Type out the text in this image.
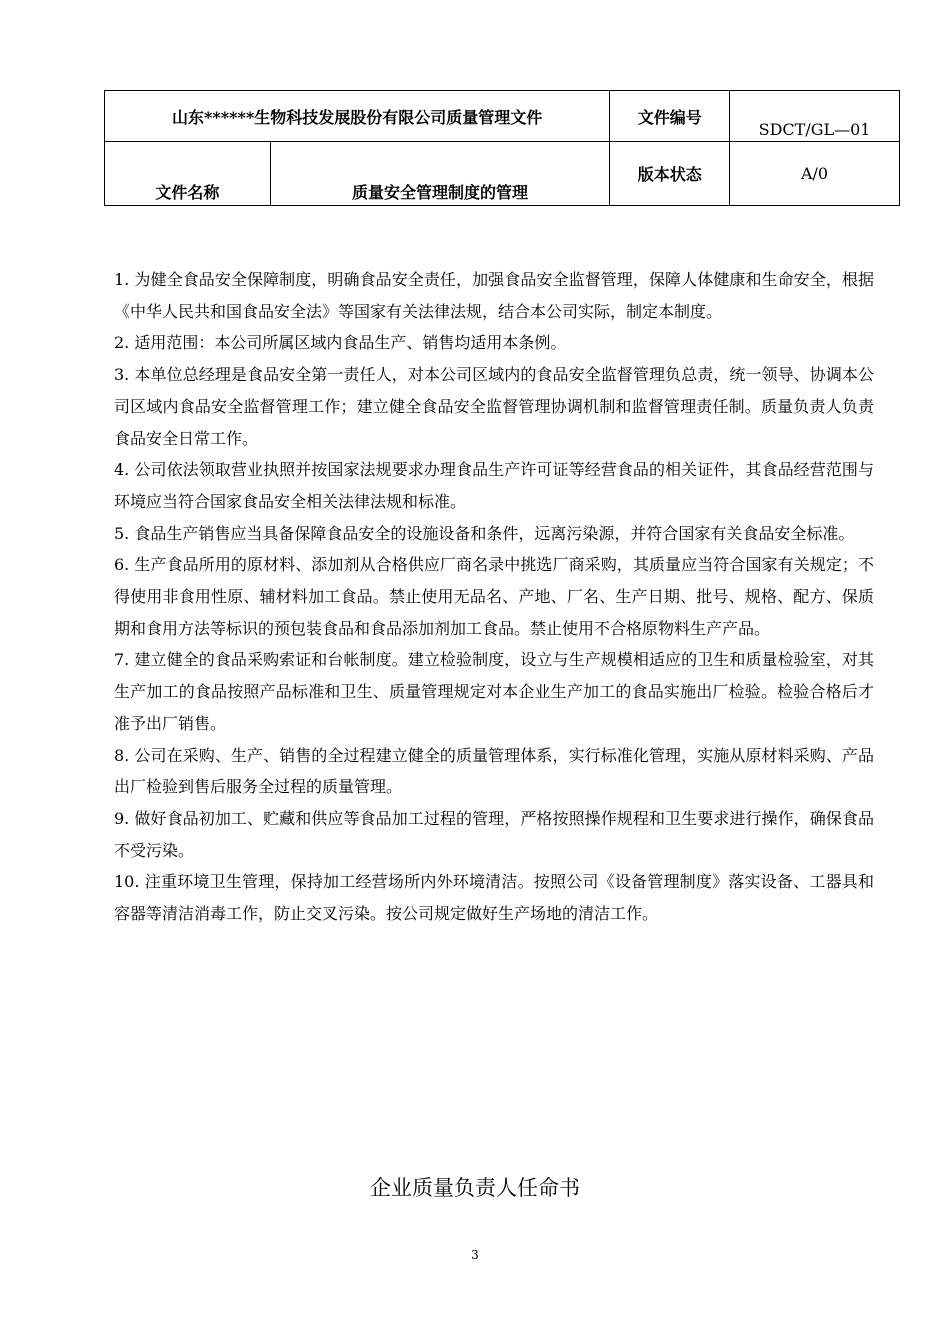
山东******生物科技发展股份有限公司质量管理文件		文件编号	SDCT/GL—01
文件名称	质量安全管理制度的管理	版本状态	A/0

1. 为健全食品安全保障制度，明确食品安全责任，加强食品安全监督管理，保障人体健康和生命安全，根据《中华人民共和国食品安全法》等国家有关法律法规，结合本公司实际，制定本制度。

2. 适用范围：本公司所属区域内食品生产、销售均适用本条例。

3. 本单位总经理是食品安全第一责任人，对本公司区域内的食品安全监督管理负总责，统一领导、协调本公司区域内食品安全监督管理工作；建立健全食品安全监督管理协调机制和监督管理责任制。质量负责人负责食品安全日常工作。

4. 公司依法领取营业执照并按国家法规要求办理食品生产许可证等经营食品的相关证件，其食品经营范围与环境应当符合国家食品安全相关法律法规和标准。

5. 食品生产销售应当具备保障食品安全的设施设备和条件，远离污染源，并符合国家有关食品安全标准。

6. 生产食品所用的原材料、添加剂从合格供应厂商名录中挑选厂商采购，其质量应当符合国家有关规定；不得使用非食用性原、辅材料加工食品。禁止使用无品名、产地、厂名、生产日期、批号、规格、配方、保质期和食用方法等标识的预包装食品和食品添加剂加工食品。禁止使用不合格原物料生产产品。

7. 建立健全的食品采购索证和台帐制度。建立检验制度，设立与生产规模相适应的卫生和质量检验室，对其生产加工的食品按照产品标准和卫生、质量管理规定对本企业生产加工的食品实施出厂检验。检验合格后才准予出厂销售。

8. 公司在采购、生产、销售的全过程建立健全的质量管理体系，实行标准化管理，实施从原材料采购、产品出厂检验到售后服务全过程的质量管理。

9. 做好食品初加工、贮藏和供应等食品加工过程的管理，严格按照操作规程和卫生要求进行操作，确保食品不受污染。

10. 注重环境卫生管理，保持加工经营场所内外环境清洁。按照公司《设备管理制度》落实设备、工器具和容器等清洁消毒工作，防止交叉污染。按公司规定做好生产场地的清洁工作。

企业质量负责人任命书
3
